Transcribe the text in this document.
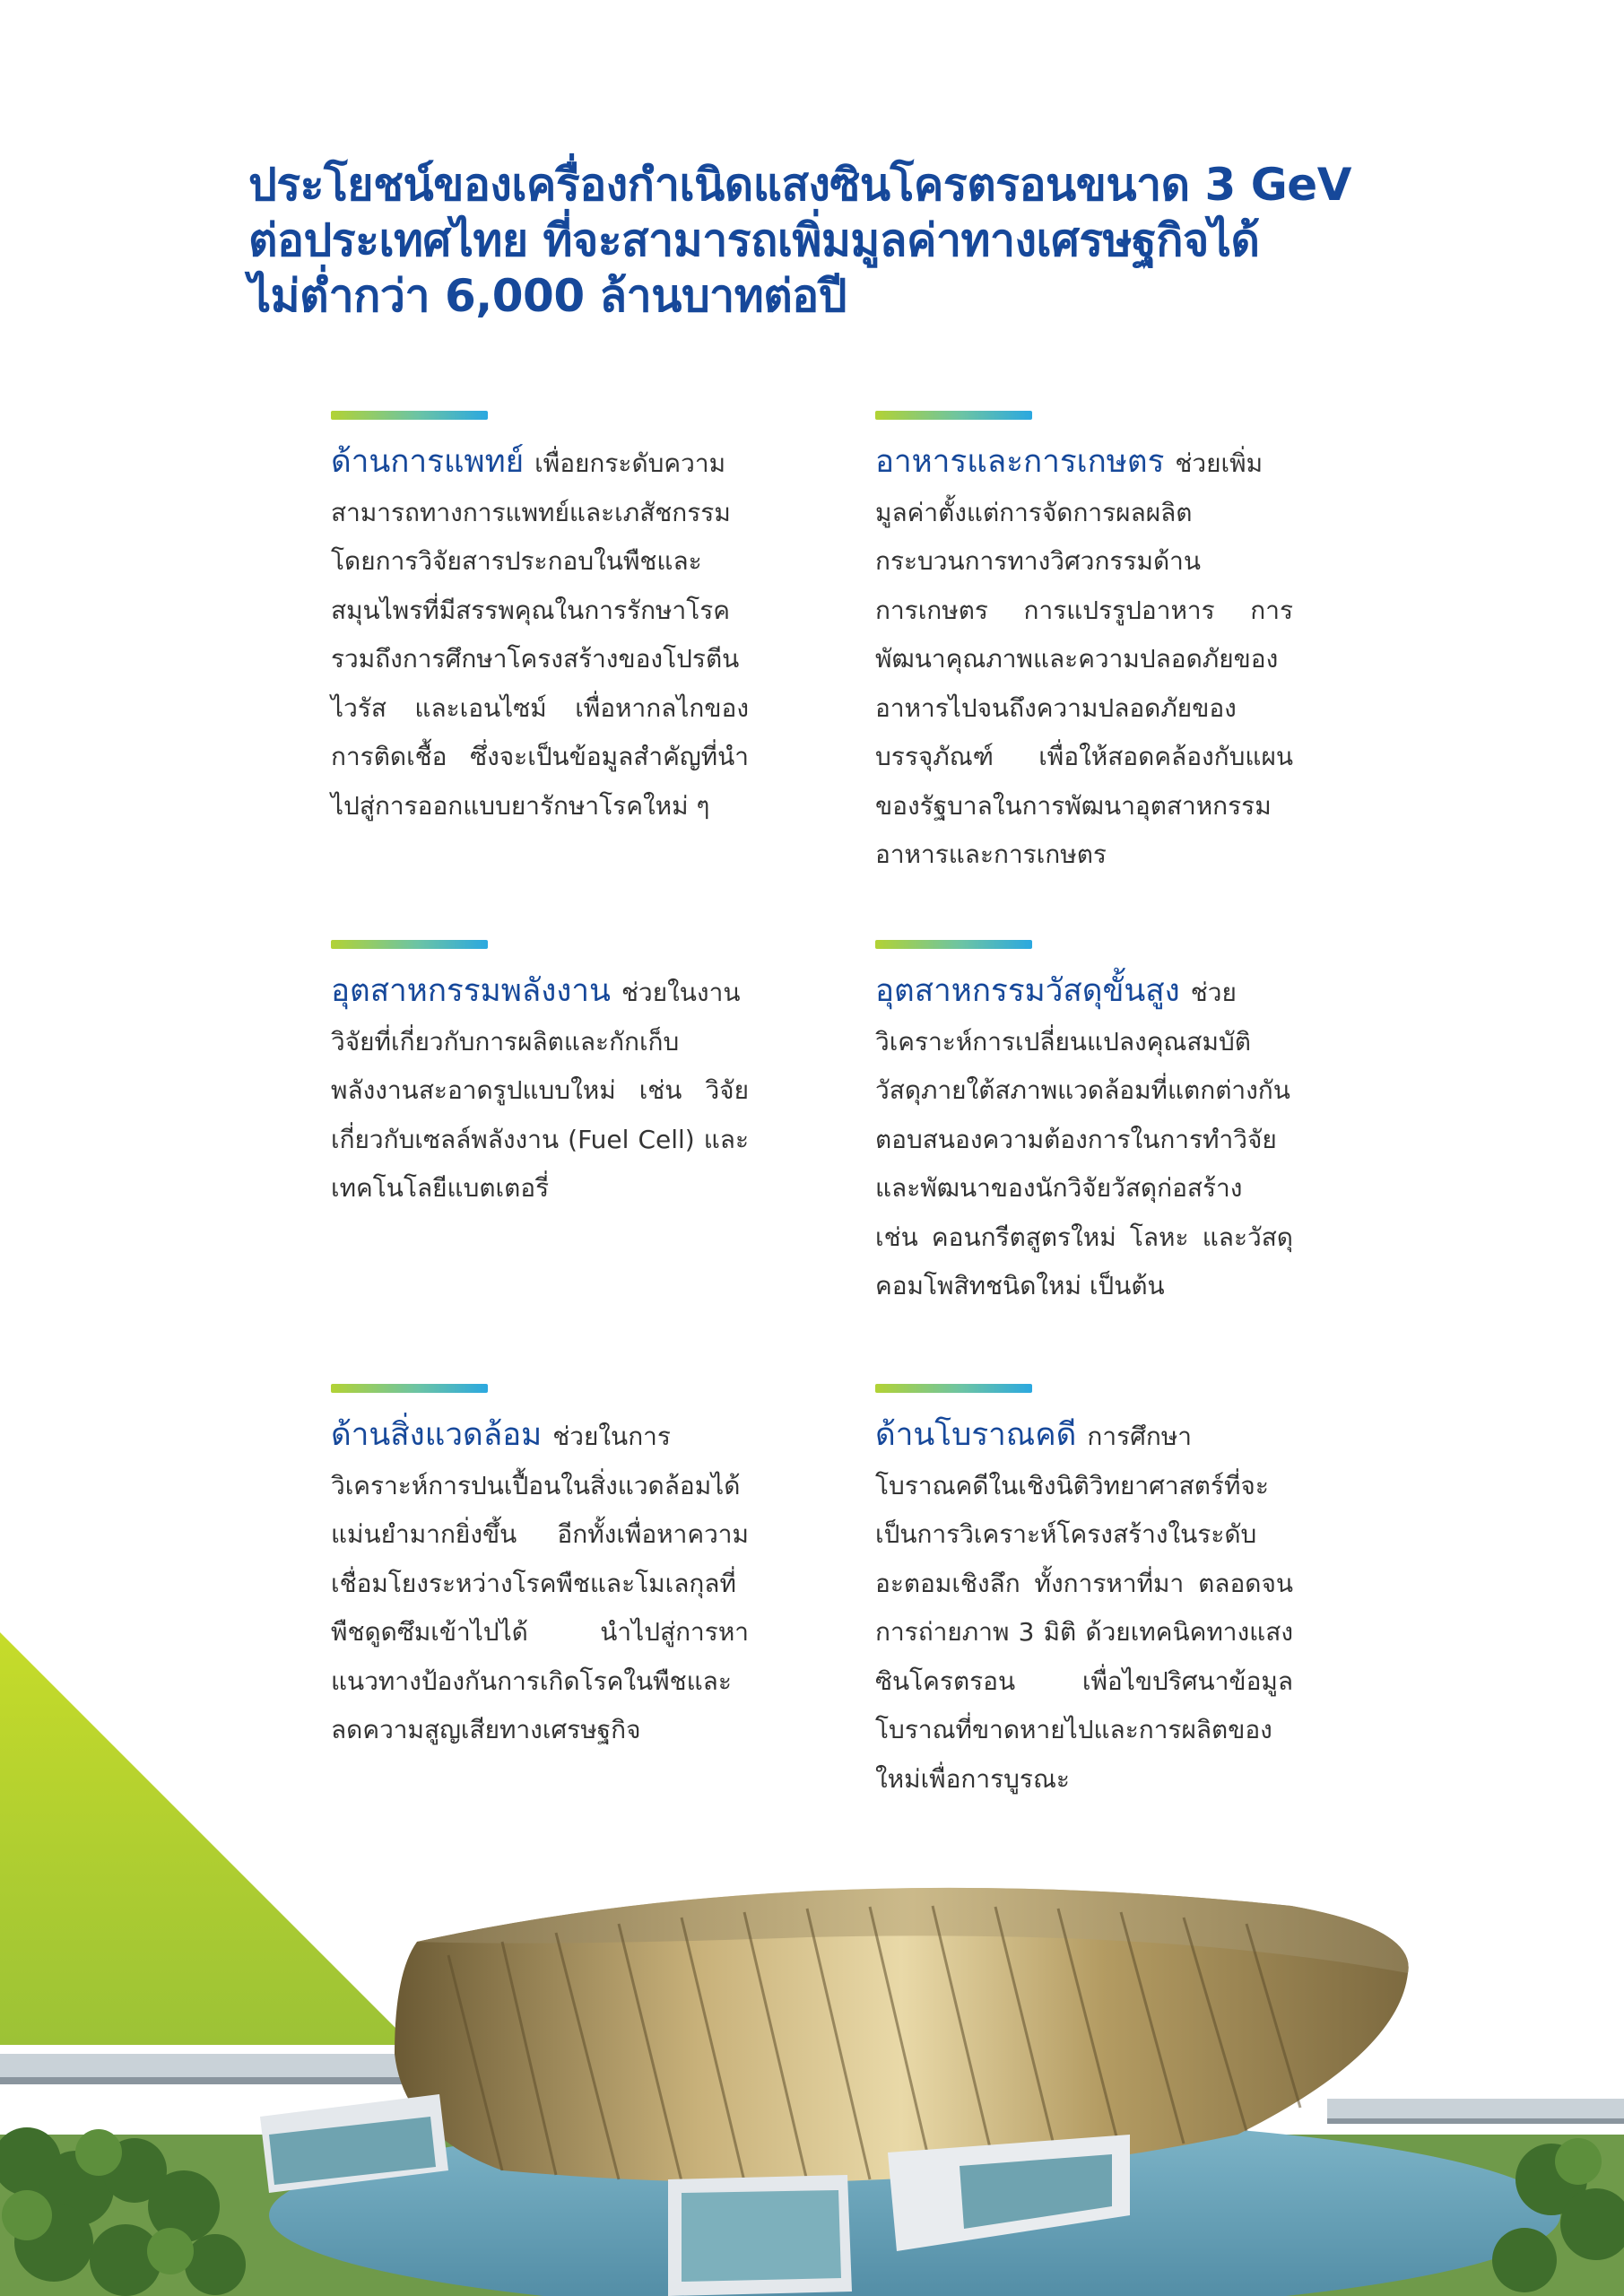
ประโยชน์ของเครื่องกำเนิดแสงซินโครตรอนขนาด 3 GeV
ต่อประเทศไทย ที่จะสามารถเพิ่มมูลค่าทางเศรษฐกิจได้
ไม่ต่ำกว่า 6,000 ล้านบาทต่อปี

ด้านการแพทย์ เพื่อยกระดับความสามารถทางการแพทย์และเภสัชกรรม โดยการวิจัยสารประกอบในพืชและสมุนไพรที่มีสรรพคุณในการรักษาโรค รวมถึงการศึกษาโครงสร้างของโปรตีน ไวรัส และเอนไซม์ เพื่อหากลไกของการติดเชื้อ ซึ่งจะเป็นข้อมูลสำคัญที่นำไปสู่การออกแบบยารักษาโรคใหม่ ๆ

อาหารและการเกษตร ช่วยเพิ่มมูลค่าตั้งแต่การจัดการผลผลิต กระบวนการทางวิศวกรรมด้านการเกษตร การแปรรูปอาหาร การพัฒนาคุณภาพและความปลอดภัยของอาหารไปจนถึงความปลอดภัยของบรรจุภัณฑ์ เพื่อให้สอดคล้องกับแผนของรัฐบาลในการพัฒนาอุตสาหกรรมอาหารและการเกษตร

อุตสาหกรรมพลังงาน ช่วยในงานวิจัยที่เกี่ยวกับการผลิตและกักเก็บพลังงานสะอาดรูปแบบใหม่ เช่น วิจัยเกี่ยวกับเซลล์พลังงาน (Fuel Cell) และเทคโนโลยีแบตเตอรี่

อุตสาหกรรมวัสดุขั้นสูง ช่วยวิเคราะห์การเปลี่ยนแปลงคุณสมบัติวัสดุภายใต้สภาพแวดล้อมที่แตกต่างกัน ตอบสนองความต้องการในการทำวิจัยและพัฒนาของนักวิจัยวัสดุก่อสร้าง เช่น คอนกรีตสูตรใหม่ โลหะ และวัสดุคอมโพสิทชนิดใหม่ เป็นต้น

ด้านสิ่งแวดล้อม ช่วยในการวิเคราะห์การปนเปื้อนในสิ่งแวดล้อมได้แม่นยำมากยิ่งขึ้น อีกทั้งเพื่อหาความเชื่อมโยงระหว่างโรคพืชและโมเลกุลที่พืชดูดซึมเข้าไปได้ นำไปสู่การหาแนวทางป้องกันการเกิดโรคในพืชและลดความสูญเสียทางเศรษฐกิจ

ด้านโบราณคดี การศึกษาโบราณคดีในเชิงนิติวิทยาศาสตร์ที่จะเป็นการวิเคราะห์โครงสร้างในระดับอะตอมเชิงลึก ทั้งการหาที่มา ตลอดจนการถ่ายภาพ 3 มิติ ด้วยเทคนิคทางแสงซินโครตรอน เพื่อไขปริศนาข้อมูลโบราณที่ขาดหายไปและการผลิตของใหม่เพื่อการบูรณะ
